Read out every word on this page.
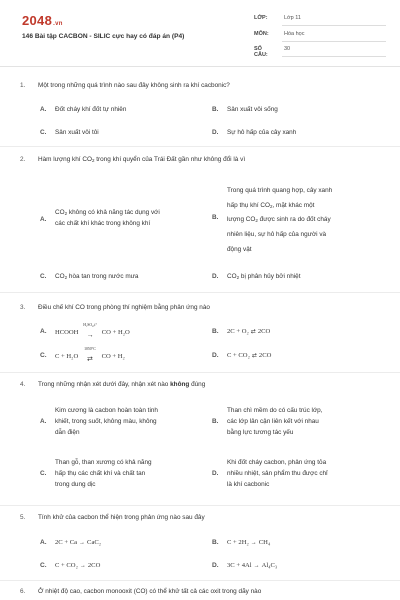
2048.vn
146 Bài tập CACBON - SILIC cực hay có đáp án (P4)
LỚP:	Lớp 11
MÔN:	Hóa học
SỐ CÂU:
30
1. Một trong những quá trình nào sau đây không sinh ra khí cacbonic?
A. Đốt cháy khí đốt tự nhiên	B. Sản xuất vôi sống
C. Sản xuất vôi tôi	D. Sự hô hấp của cây xanh
2. Hàm lượng khí $CO_2$ trong khí quyển của Trái Đất gần như không đổi là vì
A.
$CO_2$ không có khả năng tác dụng với
các chất khí khác trong không khí
B.
Trong quá trình quang hợp, cây xanh
hấp thụ khí $CO_2$, mặt khác một
lượng $CO_2$ được sinh ra do đốt cháy
nhiên liệu, sự hô hấp của người và
động vật
C. $CO_2$ hòa tan trong nước mưa	D. $CO_2$ bị phân hủy bởi nhiệt
3. Điều chế khí CO trong phòng thí nghiệm bằng phản ứng nào
A. HCOOH
H₂SO₄,t°
→	CO + H₂O	B. 2C + O₂ ⇄ 2CO
C. C + H₂O
1050°C
⇄	CO + H₂	D. C + CO₂ ⇄ 2CO
4. Trong những nhận xét dưới đây, nhận xét nào không đúng
A.
Kim cương là cacbon hoàn toàn tinh
khiết, trong suốt, không màu, không
dẫn điện
B.
Than chì mềm do có cấu trúc lớp,
các lớp lân cận liên kết với nhau
bằng lực tương tác yếu
C.
Than gỗ, than xương có khả năng
hấp thụ các chất khí và chất tan
trong dung dịc
D.
Khi đốt cháy cacbon, phản ứng tỏa
nhiều nhiệt, sản phẩm thu được chỉ
là khí cacbonic
5. Tính khử của cacbon thể hiện trong phản ứng nào sau đây
A. 2C + Ca → CaC₂	B. C + 2H₂ → CH₄
C. C + CO₂ → 2CO	D. 3C + 4Al → Al₄C₃
6. Ở nhiệt độ cao, cacbon monooxit (CO) có thể khử tất cả các oxit trong dãy nào
